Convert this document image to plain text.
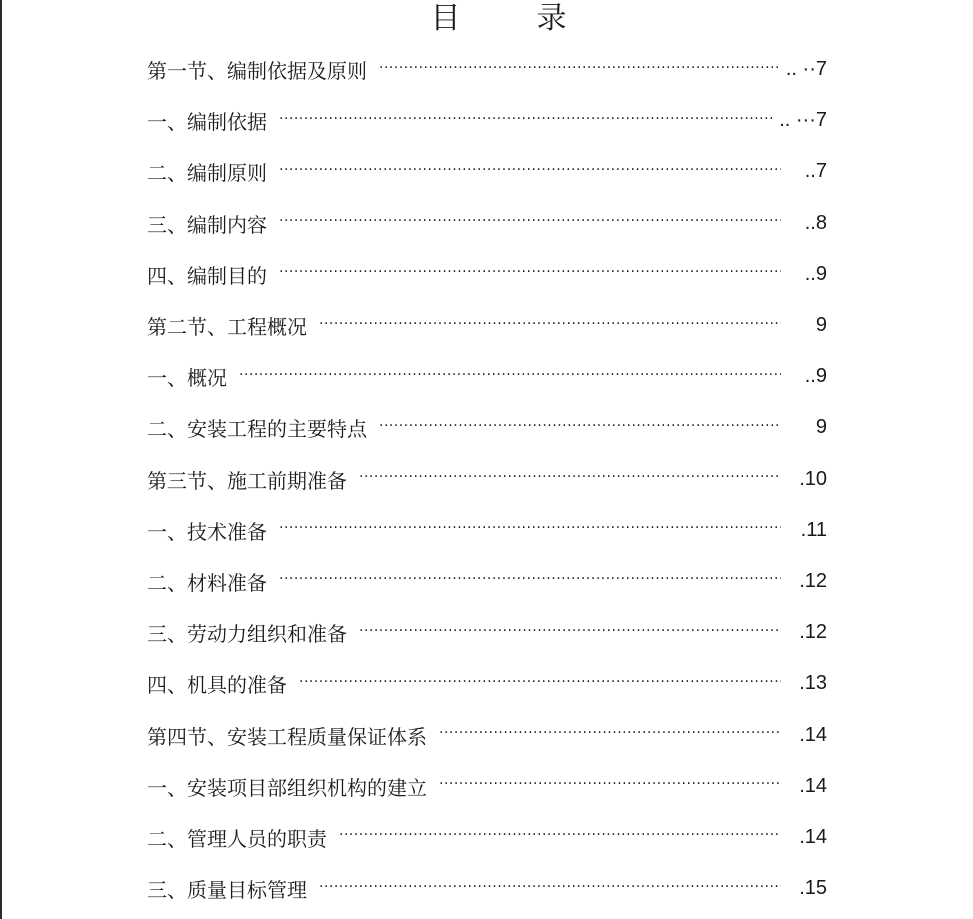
目	录
第一节、编制依据及原则 ·····	.. ··7
一、编制依据 ·····	.. ···7
二、编制原则 ·····	..7
三、编制内容 ·····	..8
四、编制目的 ·····	..9
第二节、工程概况 ·····	9
一、概况 ·····	..9
二、安装工程的主要特点 ·····	9
第三节、施工前期准备 ·····	.10
一、技术准备 ·····	.11
二、材料准备 ·····	.12
三、劳动力组织和准备 ·····	.12
四、机具的准备 ·····	.13
第四节、安装工程质量保证体系 ·····	.14
一、安装项目部组织机构的建立 ·····	.14
二、管理人员的职责 ·····	.14
三、质量目标管理 ·····	.15
